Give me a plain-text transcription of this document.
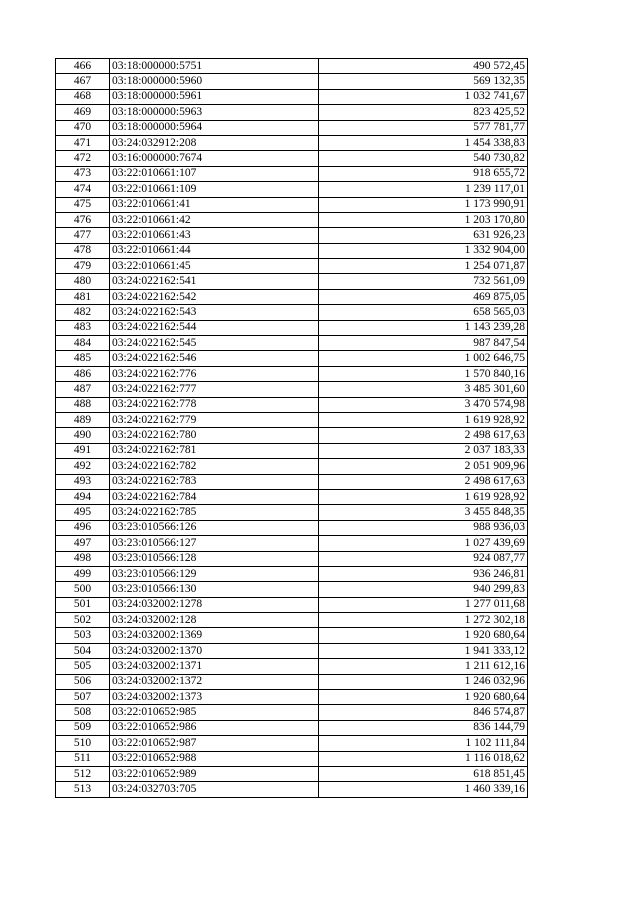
466	03:18:000000:5751	490 572,45
467	03:18:000000:5960	569 132,35
468	03:18:000000:5961	1 032 741,67
469	03:18:000000:5963	823 425,52
470	03:18:000000:5964	577 781,77
471	03:24:032912:208	1 454 338,83
472	03:16:000000:7674	540 730,82
473	03:22:010661:107	918 655,72
474	03:22:010661:109	1 239 117,01
475	03:22:010661:41	1 173 990,91
476	03:22:010661:42	1 203 170,80
477	03:22:010661:43	631 926,23
478	03:22:010661:44	1 332 904,00
479	03:22:010661:45	1 254 071,87
480	03:24:022162:541	732 561,09
481	03:24:022162:542	469 875,05
482	03:24:022162:543	658 565,03
483	03:24:022162:544	1 143 239,28
484	03:24:022162:545	987 847,54
485	03:24:022162:546	1 002 646,75
486	03:24:022162:776	1 570 840,16
487	03:24:022162:777	3 485 301,60
488	03:24:022162:778	3 470 574,98
489	03:24:022162:779	1 619 928,92
490	03:24:022162:780	2 498 617,63
491	03:24:022162:781	2 037 183,33
492	03:24:022162:782	2 051 909,96
493	03:24:022162:783	2 498 617,63
494	03:24:022162:784	1 619 928,92
495	03:24:022162:785	3 455 848,35
496	03:23:010566:126	988 936,03
497	03:23:010566:127	1 027 439,69
498	03:23:010566:128	924 087,77
499	03:23:010566:129	936 246,81
500	03:23:010566:130	940 299,83
501	03:24:032002:1278	1 277 011,68
502	03:24:032002:128	1 272 302,18
503	03:24:032002:1369	1 920 680,64
504	03:24:032002:1370	1 941 333,12
505	03:24:032002:1371	1 211 612,16
506	03:24:032002:1372	1 246 032,96
507	03:24:032002:1373	1 920 680,64
508	03:22:010652:985	846 574,87
509	03:22:010652:986	836 144,79
510	03:22:010652:987	1 102 111,84
511	03:22:010652:988	1 116 018,62
512	03:22:010652:989	618 851,45
513	03:24:032703:705	1 460 339,16
